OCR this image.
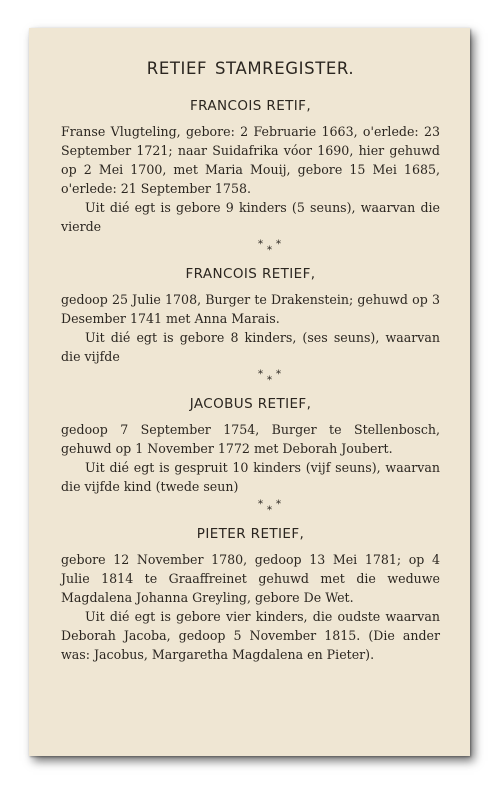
RETIEF STAMREGISTER.
FRANCOIS RETIF,

Franse Vlugteling, gebore: 2 Februarie 1663, o'erlede: 23 September 1721; naar Suidafrika vóor 1690, hier gehuwd op 2 Mei 1700, met Maria Mouij, gebore 15 Mei 1685, o'erlede: 21 September 1758.

Uit dié egt is gebore 9 kinders (5 seuns), waarvan die vierde

*
*
*
FRANCOIS RETIEF,

gedoop 25 Julie 1708, Burger te Drakenstein; gehuwd op 3 Desember 1741 met Anna Marais.

Uit dié egt is gebore 8 kinders, (ses seuns), waarvan die vijfde

*
*
*
JACOBUS RETIEF,

gedoop 7 September 1754, Burger te Stellenbosch, gehuwd op 1 November 1772 met Deborah Joubert.

Uit dié egt is gespruit 10 kinders (vijf seuns), waarvan die vijfde kind (twede seun)

*
*
*
PIETER RETIEF,

gebore 12 November 1780, gedoop 13 Mei 1781; op 4 Julie 1814 te Graaffreinet gehuwd met die weduwe Magdalena Johanna Greyling, gebore De Wet.

Uit dié egt is gebore vier kinders, die oudste waarvan Deborah Jacoba, gedoop 5 November 1815. (Die ander was: Jacobus, Margaretha Magdalena en Pieter).
